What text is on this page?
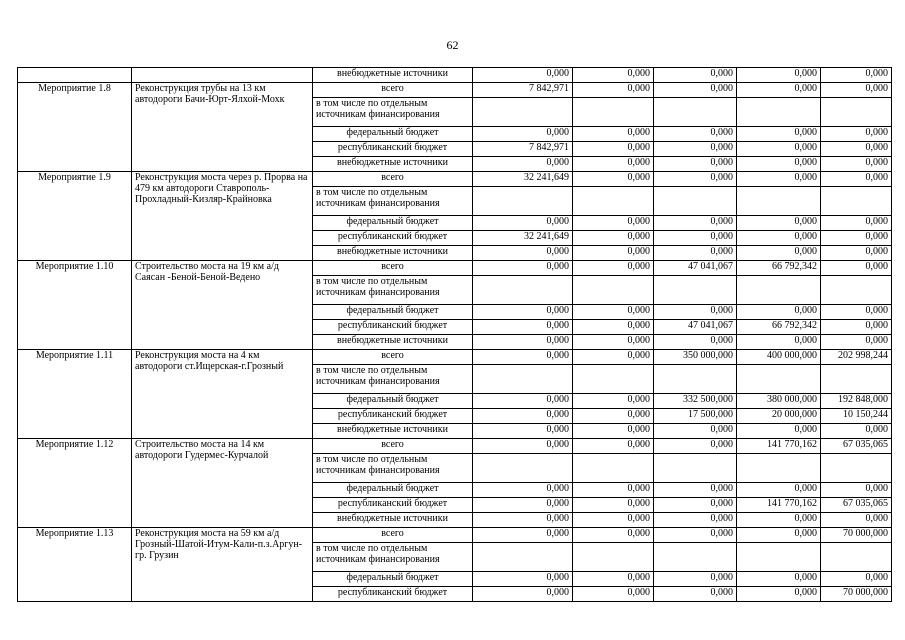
62
		внебюджетные источники	0,000	0,000	0,000	0,000	0,000
Мероприятие 1.8	Реконструкция трубы на 13 км автодороги Бачи-Юрт-Ялхой-Мохк	всего	7 842,971	0,000	0,000	0,000	0,000
		в том числе по отдельным источникам финансирования					
		федеральный бюджет	0,000	0,000	0,000	0,000	0,000
		республиканский бюджет	7 842,971	0,000	0,000	0,000	0,000
		внебюджетные источники	0,000	0,000	0,000	0,000	0,000
Мероприятие 1.9	Реконструкция моста через р. Прорва на 479 км автодороги Ставрополь-Прохладный-Кизляр-Крайновка	всего	32 241,649	0,000	0,000	0,000	0,000
		в том числе по отдельным источникам финансирования					
		федеральный бюджет	0,000	0,000	0,000	0,000	0,000
		республиканский бюджет	32 241,649	0,000	0,000	0,000	0,000
		внебюджетные источники	0,000	0,000	0,000	0,000	0,000
Мероприятие 1.10	Строительство моста на 19 км а/д Саясан -Беной-Беной-Ведено	всего	0,000	0,000	47 041,067	66 792,342	0,000
		в том числе по отдельным источникам финансирования					
		федеральный бюджет	0,000	0,000	0,000	0,000	0,000
		республиканский бюджет	0,000	0,000	47 041,067	66 792,342	0,000
		внебюджетные источники	0,000	0,000	0,000	0,000	0,000
Мероприятие 1.11	Реконструкция моста на 4 км автодороги ст.Ищерская-г.Грозный	всего	0,000	0,000	350 000,000	400 000,000	202 998,244
		в том числе по отдельным источникам финансирования					
		федеральный бюджет	0,000	0,000	332 500,000	380 000,000	192 848,000
		республиканский бюджет	0,000	0,000	17 500,000	20 000,000	10 150,244
		внебюджетные источники	0,000	0,000	0,000	0,000	0,000
Мероприятие 1.12	Строительство моста на 14 км автодороги Гудермес-Курчалой	всего	0,000	0,000	0,000	141 770,162	67 035,065
		в том числе по отдельным источникам финансирования					
		федеральный бюджет	0,000	0,000	0,000	0,000	0,000
		республиканский бюджет	0,000	0,000	0,000	141 770,162	67 035,065
		внебюджетные источники	0,000	0,000	0,000	0,000	0,000
Мероприятие 1.13	Реконструкция моста на 59 км а/д Грозный-Шатой-Итум-Кали-п.з.Аргун-гр. Грузин	всего	0,000	0,000	0,000	0,000	70 000,000
		в том числе по отдельным источникам финансирования					
		федеральный бюджет	0,000	0,000	0,000	0,000	0,000
		республиканский бюджет	0,000	0,000	0,000	0,000	70 000,000
